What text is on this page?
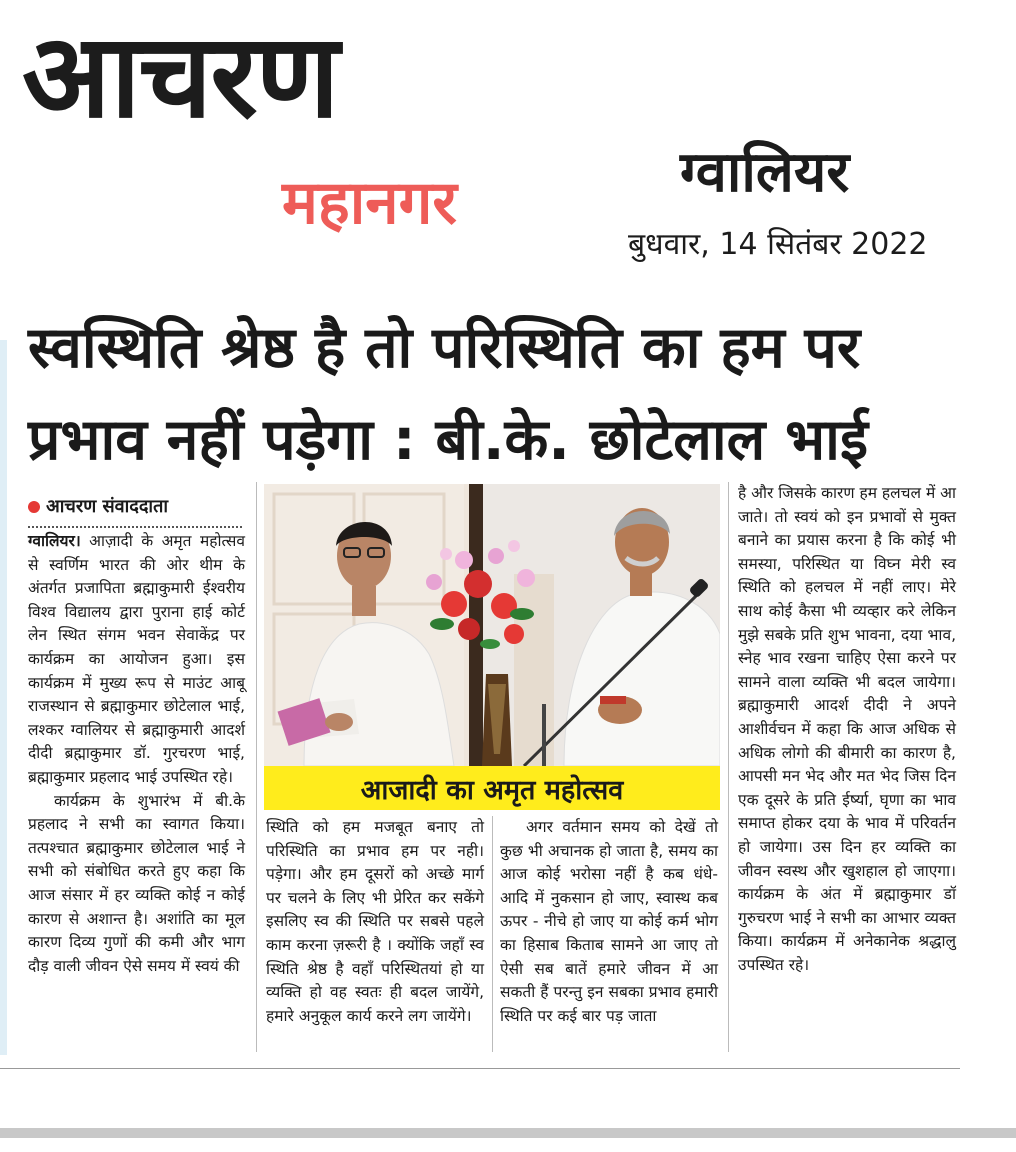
आचरण
महानगर	ग्वालियर
बुधवार, 14 सितंबर 2022
स्वस्थिति श्रेष्ठ है तो परिस्थिति का हम पर प्रभाव नहीं पड़ेगा : बी.के. छोटेलाल भाई
आचरण संवाददाता

ग्वालियर। आज़ादी के अमृत महोत्सव से स्वर्णिम भारत की ओर थीम के अंतर्गत प्रजापिता ब्रह्माकुमारी ईश्वरीय विश्व विद्यालय द्वारा पुराना हाई कोर्ट लेन स्थित संगम भवन सेवाकेंद्र पर कार्यक्रम का आयोजन हुआ। इस कार्यक्रम में मुख्य रूप से माउंट आबू राजस्थान से ब्रह्माकुमार छोटेलाल भाई, लश्कर ग्वालियर से ब्रह्माकुमारी आदर्श दीदी ब्रह्माकुमार डॉ. गुरचरण भाई, ब्रह्माकुमार प्रहलाद भाई उपस्थित रहे।

कार्यक्रम के शुभारंभ में बी.के प्रहलाद ने सभी का स्वागत किया। तत्पश्चात ब्रह्माकुमार छोटेलाल भाई ने सभी को संबोधित करते हुए कहा कि आज संसार में हर व्यक्ति कोई न कोई कारण से अशान्त है। अशांति का मूल कारण दिव्य गुणों की कमी और भाग दौड़ वाली जीवन ऐसे समय में स्वयं की

आजादी का अमृत महोत्सव

स्थिति को हम मजबूत बनाए तो परिस्थिति का प्रभाव हम पर नही। पड़ेगा। और हम दूसरों को अच्छे मार्ग पर चलने के लिए भी प्रेरित कर सकेंगे इसलिए स्व की स्थिति पर सबसे पहले काम करना ज़रूरी है । क्योंकि जहाँ स्व स्थिति श्रेष्ठ है वहाँ परिस्थितयां हो या व्यक्ति हो वह स्वतः ही बदल जायेंगे, हमारे अनुकूल कार्य करने लग जायेंगे।

अगर वर्तमान समय को देखें तो कुछ भी अचानक हो जाता है, समय का आज कोई भरोसा नहीं है कब धंधे- आदि में नुकसान हो जाए, स्वास्थ कब ऊपर - नीचे हो जाए या कोई कर्म भोग का हिसाब किताब सामने आ जाए तो ऐसी सब बातें हमारे जीवन में आ सकती हैं परन्तु इन सबका प्रभाव हमारी स्थिति पर कई बार पड़ जाता

है और जिसके कारण हम हलचल में आ जाते। तो स्वयं को इन प्रभावों से मुक्त बनाने का प्रयास करना है कि कोई भी समस्या, परिस्थित या विघ्न मेरी स्व स्थिति को हलचल में नहीं लाए। मेरे साथ कोई कैसा भी व्यव्हार करे लेकिन मुझे सबके प्रति शुभ भावना, दया भाव, स्नेह भाव रखना चाहिए ऐसा करने पर सामने वाला व्यक्ति भी बदल जायेगा। ब्रह्माकुमारी आदर्श दीदी ने अपने आशीर्वचन में कहा कि आज अधिक से अधिक लोगो की बीमारी का कारण है, आपसी मन भेद और मत भेद जिस दिन एक दूसरे के प्रति ईर्ष्या, घृणा का भाव समाप्त होकर दया के भाव में परिवर्तन हो जायेगा। उस दिन हर व्यक्ति का जीवन स्वस्थ और खुशहाल हो जाएगा। कार्यक्रम के अंत में ब्रह्माकुमार डॉ गुरुचरण भाई ने सभी का आभार व्यक्त किया। कार्यक्रम में अनेकानेक श्रद्धालु उपस्थित रहे।
